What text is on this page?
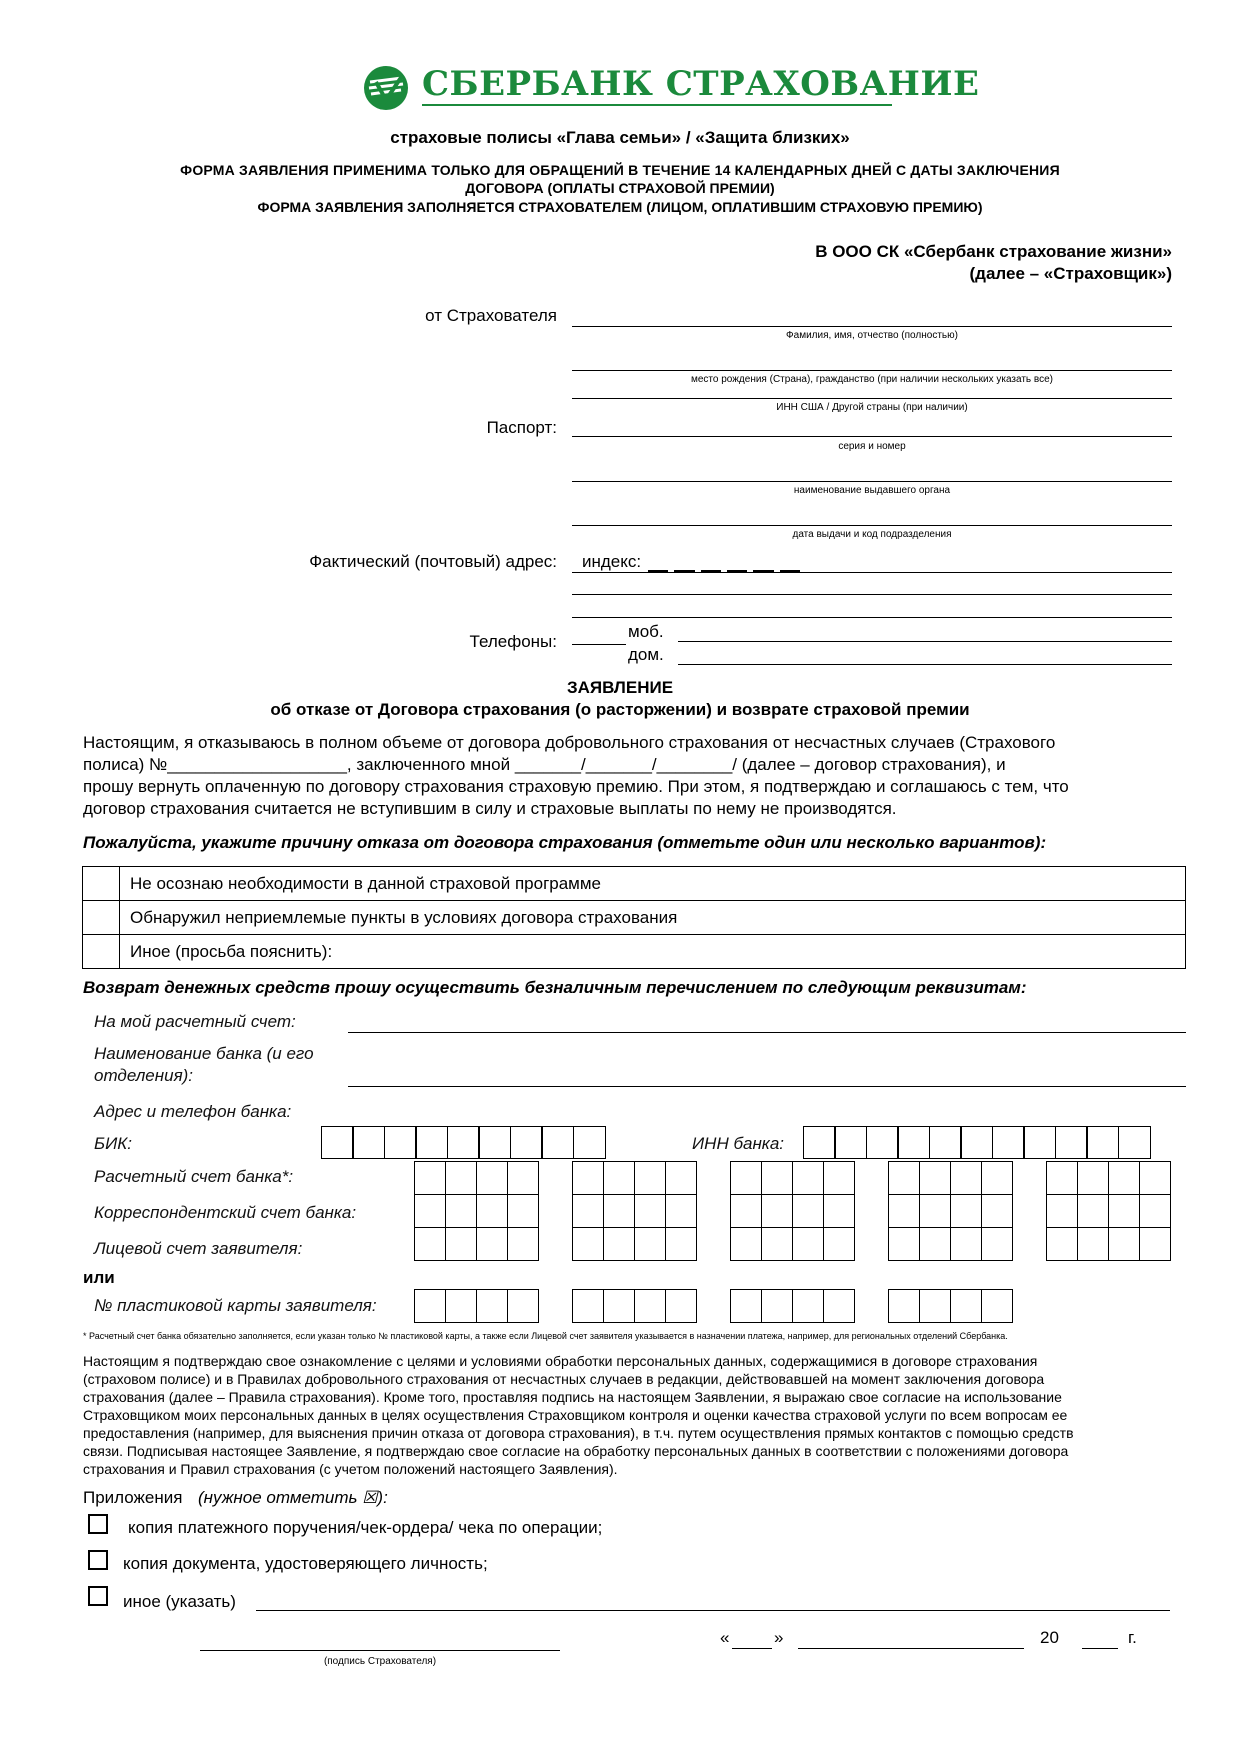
СБЕРБАНК СТРАХОВАНИЕ
страховые полисы «Глава семьи» / «Защита близких»
ФОРМА ЗАЯВЛЕНИЯ ПРИМЕНИМА ТОЛЬКО ДЛЯ ОБРАЩЕНИЙ В ТЕЧЕНИЕ 14 КАЛЕНДАРНЫХ ДНЕЙ С ДАТЫ ЗАКЛЮЧЕНИЯ
ДОГОВОРА (ОПЛАТЫ СТРАХОВОЙ ПРЕМИИ)
ФОРМА ЗАЯВЛЕНИЯ ЗАПОЛНЯЕТСЯ СТРАХОВАТЕЛЕМ (ЛИЦОМ, ОПЛАТИВШИМ СТРАХОВУЮ ПРЕМИЮ)
В ООО СК «Сбербанк страхование жизни»
(далее – «Страховщик»)
от Страхователя
Фамилия, имя, отчество (полностью)
место рождения (Страна), гражданство (при наличии нескольких указать все)
ИНН США / Другой страны (при наличии)
Паспорт:
серия и номер
наименование выдавшего органа
дата выдачи и код подразделения
Фактический (почтовый) адрес: индекс:
Телефоны:
моб.
дом.
ЗАЯВЛЕНИЕ
об отказе от Договора страхования (о расторжении) и возврате страховой премии
Настоящим, я отказываюсь в полном объеме от договора добровольного страхования от несчастных случаев (Страхового
полиса) №___________________, заключенного мной _______/_______/________/ (далее – договор страхования), и
прошу вернуть оплаченную по договору страхования страховую премию. При этом, я подтверждаю и соглашаюсь с тем, что
договор страхования считается не вступившим в силу и страховые выплаты по нему не производятся.
Пожалуйста, укажите причину отказа от договора страхования (отметьте один или несколько вариантов):
	Не осознаю необходимости в данной страховой программе
	Обнаружил неприемлемые пункты в условиях договора страхования
	Иное (просьба пояснить):
Возврат денежных средств прошу осуществить безналичным перечислением по следующим реквизитам:
На мой расчетный счет:
Наименование банка (и его
отделения):
Адрес и телефон банка:
БИК:	ИНН банка:
Расчетный счет банка*:
Корреспондентский счет банка:
Лицевой счет заявителя:

или
№ пластиковой карты заявителя:

* Расчетный счет банка обязательно заполняется, если указан только № пластиковой карты, а также если Лицевой счет заявителя указывается в назначении платежа, например, для региональных отделений Сбербанка.
Настоящим я подтверждаю свое ознакомление с целями и условиями обработки персональных данных, содержащимися в договоре страхования
(страховом полисе) и в Правилах добровольного страхования от несчастных случаев в редакции, действовавшей на момент заключения договора
страхования (далее – Правила страхования). Кроме того, проставляя подпись на настоящем Заявлении, я выражаю свое согласие на использование
Страховщиком моих персональных данных в целях осуществления Страховщиком контроля и оценки качества страховой услуги по всем вопросам ее
предоставления (например, для выяснения причин отказа от договора страхования), в т.ч. путем осуществления прямых контактов с помощью средств
связи. Подписывая настоящее Заявление, я подтверждаю свое согласие на обработку персональных данных в соответствии с положениями договора
страхования и Правил страхования (с учетом положений настоящего Заявления).
Приложения (нужное отметить ☒):
копия платежного поручения/чек-ордера/ чека по операции;
копия документа, удостоверяющего личность;
иное (указать)
(подпись Страхователя)
«	»	20	г.
